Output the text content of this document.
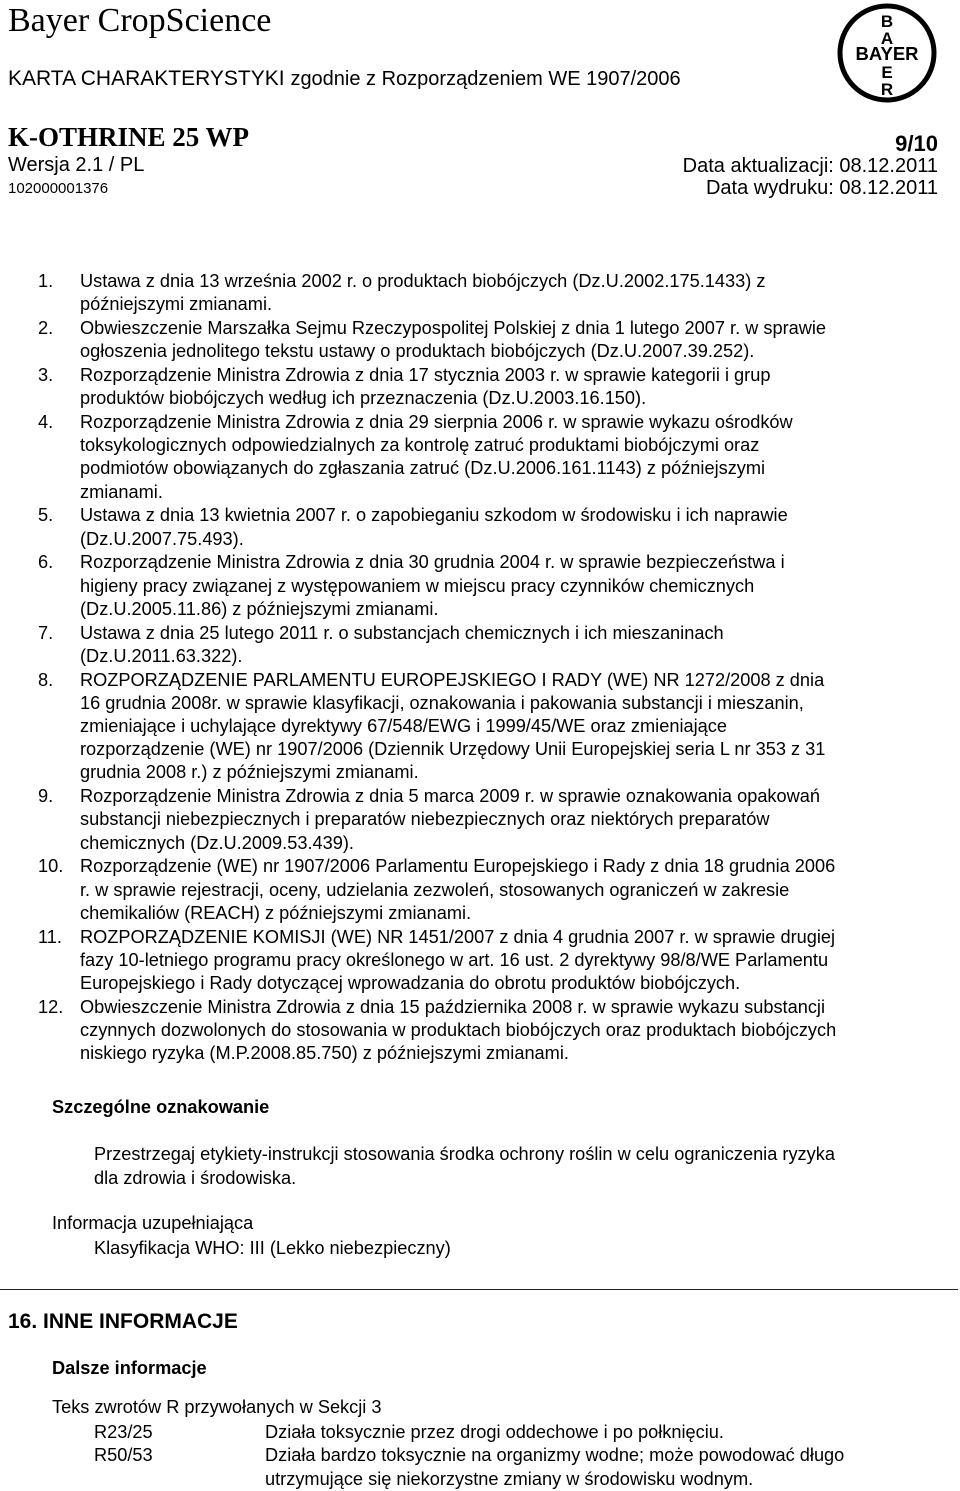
Bayer CropScience
KARTA CHARAKTERYSTYKI zgodnie z Rozporządzeniem WE 1907/2006
B
A
BAYER
E
R
K-OTHRINE 25 WP	9/10
Wersja 2.1 / PL	Data aktualizacji: 08.12.2011
102000001376	Data wydruku: 08.12.2011
1. Ustawa z dnia 13 września 2002 r. o produktach biobójczych (Dz.U.2002.175.1433) z
późniejszymi zmianami.
2. Obwieszczenie Marszałka Sejmu Rzeczypospolitej Polskiej z dnia 1 lutego 2007 r. w sprawie
ogłoszenia jednolitego tekstu ustawy o produktach biobójczych (Dz.U.2007.39.252).
3. Rozporządzenie Ministra Zdrowia z dnia 17 stycznia 2003 r. w sprawie kategorii i grup
produktów biobójczych według ich przeznaczenia (Dz.U.2003.16.150).
4. Rozporządzenie Ministra Zdrowia z dnia 29 sierpnia 2006 r. w sprawie wykazu ośrodków
toksykologicznych odpowiedzialnych za kontrolę zatruć produktami biobójczymi oraz
podmiotów obowiązanych do zgłaszania zatruć (Dz.U.2006.161.1143) z późniejszymi
zmianami.
5. Ustawa z dnia 13 kwietnia 2007 r. o zapobieganiu szkodom w środowisku i ich naprawie
(Dz.U.2007.75.493).
6. Rozporządzenie Ministra Zdrowia z dnia 30 grudnia 2004 r. w sprawie bezpieczeństwa i
higieny pracy związanej z występowaniem w miejscu pracy czynników chemicznych
(Dz.U.2005.11.86) z późniejszymi zmianami.
7. Ustawa z dnia 25 lutego 2011 r. o substancjach chemicznych i ich mieszaninach
(Dz.U.2011.63.322).
8. ROZPORZĄDZENIE PARLAMENTU EUROPEJSKIEGO I RADY (WE) NR 1272/2008 z dnia
16 grudnia 2008r. w sprawie klasyfikacji, oznakowania i pakowania substancji i mieszanin,
zmieniające i uchylające dyrektywy 67/548/EWG i 1999/45/WE oraz zmieniające
rozporządzenie (WE) nr 1907/2006 (Dziennik Urzędowy Unii Europejskiej seria L nr 353 z 31
grudnia 2008 r.) z późniejszymi zmianami.
9. Rozporządzenie Ministra Zdrowia z dnia 5 marca 2009 r. w sprawie oznakowania opakowań
substancji niebezpiecznych i preparatów niebezpiecznych oraz niektórych preparatów
chemicznych (Dz.U.2009.53.439).
10. Rozporządzenie (WE) nr 1907/2006 Parlamentu Europejskiego i Rady z dnia 18 grudnia 2006
r. w sprawie rejestracji, oceny, udzielania zezwoleń, stosowanych ograniczeń w zakresie
chemikaliów (REACH) z późniejszymi zmianami.
11. ROZPORZĄDZENIE KOMISJI (WE) NR 1451/2007 z dnia 4 grudnia 2007 r. w sprawie drugiej
fazy 10-letniego programu pracy określonego w art. 16 ust. 2 dyrektywy 98/8/WE Parlamentu
Europejskiego i Rady dotyczącej wprowadzania do obrotu produktów biobójczych.
12. Obwieszczenie Ministra Zdrowia z dnia 15 października 2008 r. w sprawie wykazu substancji
czynnych dozwolonych do stosowania w produktach biobójczych oraz produktach biobójczych
niskiego ryzyka (M.P.2008.85.750) z późniejszymi zmianami.
Szczególne oznakowanie
Przestrzegaj etykiety-instrukcji stosowania środka ochrony roślin w celu ograniczenia ryzyka
dla zdrowia i środowiska.
Informacja uzupełniająca
Klasyfikacja WHO: III (Lekko niebezpieczny)
16. INNE INFORMACJE
Dalsze informacje
Teks zwrotów R przywołanych w Sekcji 3
R23/25	Działa toksycznie przez drogi oddechowe i po połknięciu.
R50/53	Działa bardzo toksycznie na organizmy wodne; może powodować długo
utrzymujące się niekorzystne zmiany w środowisku wodnym.
